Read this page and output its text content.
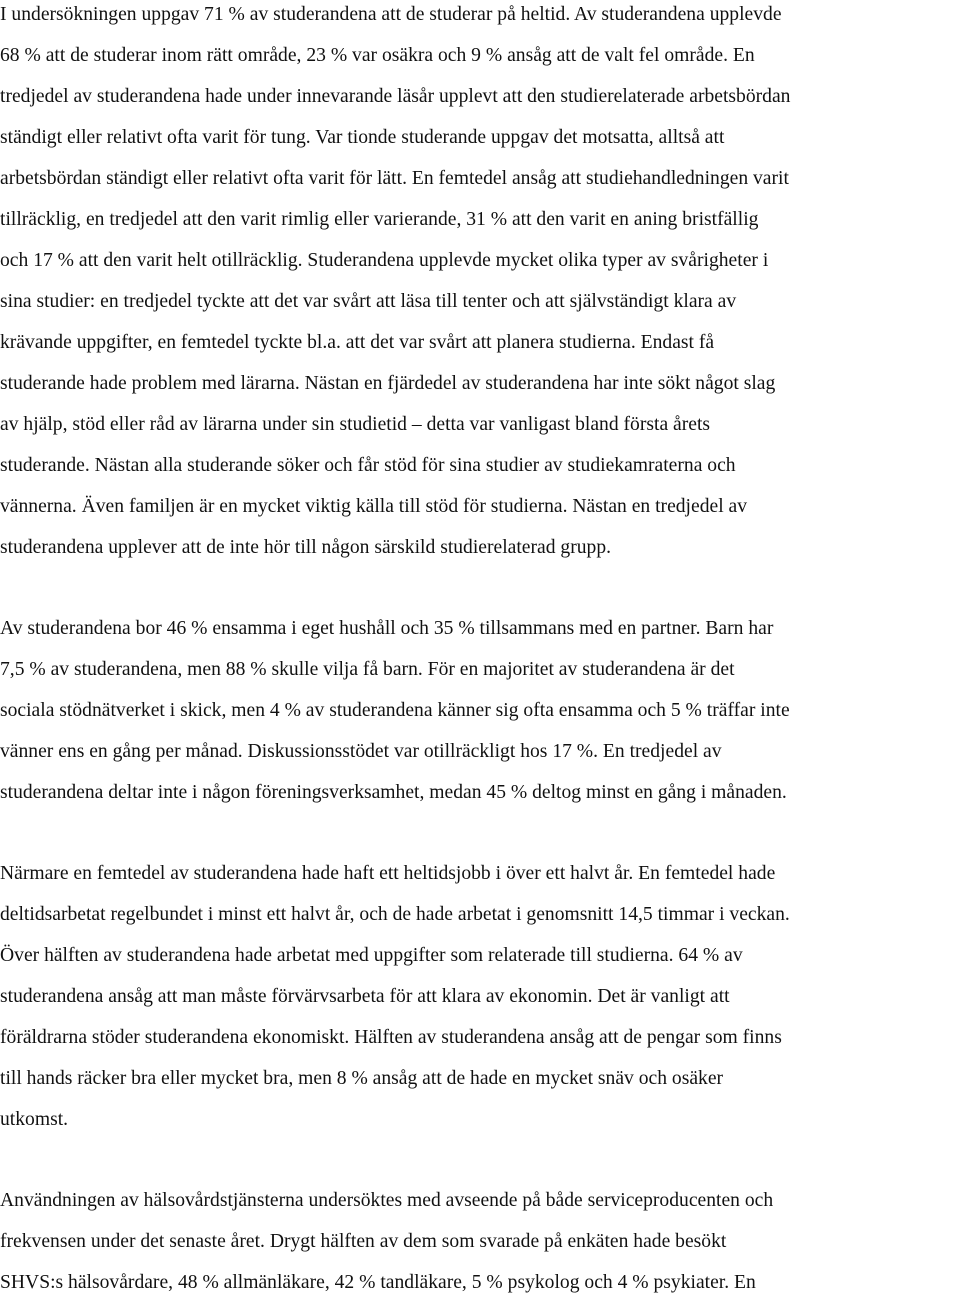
I undersökningen uppgav 71 % av studerandena att de studerar på heltid. Av studerandena upplevde
68 % att de studerar inom rätt område, 23 % var osäkra och 9 % ansåg att de valt fel område. En
tredjedel av studerandena hade under innevarande läsår upplevt att den studierelaterade arbetsbördan
ständigt eller relativt ofta varit för tung. Var tionde studerande uppgav det motsatta, alltså att
arbetsbördan ständigt eller relativt ofta varit för lätt. En femtedel ansåg att studiehandledningen varit
tillräcklig, en tredjedel att den varit rimlig eller varierande, 31 % att den varit en aning bristfällig
och 17 % att den varit helt otillräcklig. Studerandena upplevde mycket olika typer av svårigheter i
sina studier: en tredjedel tyckte att det var svårt att läsa till tenter och att självständigt klara av
krävande uppgifter, en femtedel tyckte bl.a. att det var svårt att planera studierna. Endast få
studerande hade problem med lärarna. Nästan en fjärdedel av studerandena har inte sökt något slag
av hjälp, stöd eller råd av lärarna under sin studietid – detta var vanligast bland första årets
studerande. Nästan alla studerande söker och får stöd för sina studier av studiekamraterna och
vännerna. Även familjen är en mycket viktig källa till stöd för studierna. Nästan en tredjedel av
studerandena upplever att de inte hör till någon särskild studierelaterad grupp.
Av studerandena bor 46 % ensamma i eget hushåll och 35 % tillsammans med en partner. Barn har
7,5 % av studerandena, men 88 % skulle vilja få barn. För en majoritet av studerandena är det
sociala stödnätverket i skick, men 4 % av studerandena känner sig ofta ensamma och 5 % träffar inte
vänner ens en gång per månad. Diskussionsstödet var otillräckligt hos 17 %. En tredjedel av
studerandena deltar inte i någon föreningsverksamhet, medan 45 % deltog minst en gång i månaden.
Närmare en femtedel av studerandena hade haft ett heltidsjobb i över ett halvt år. En femtedel hade
deltidsarbetat regelbundet i minst ett halvt år, och de hade arbetat i genomsnitt 14,5 timmar i veckan.
Över hälften av studerandena hade arbetat med uppgifter som relaterade till studierna. 64 % av
studerandena ansåg att man måste förvärvsarbeta för att klara av ekonomin. Det är vanligt att
föräldrarna stöder studerandena ekonomiskt. Hälften av studerandena ansåg att de pengar som finns
till hands räcker bra eller mycket bra, men 8 % ansåg att de hade en mycket snäv och osäker
utkomst.
Användningen av hälsovårdstjänsterna undersöktes med avseende på både serviceproducenten och
frekvensen under det senaste året. Drygt hälften av dem som svarade på enkäten hade besökt
SHVS:s hälsovårdare, 48 % allmänläkare, 42 % tandläkare, 5 % psykolog och 4 % psykiater. En
